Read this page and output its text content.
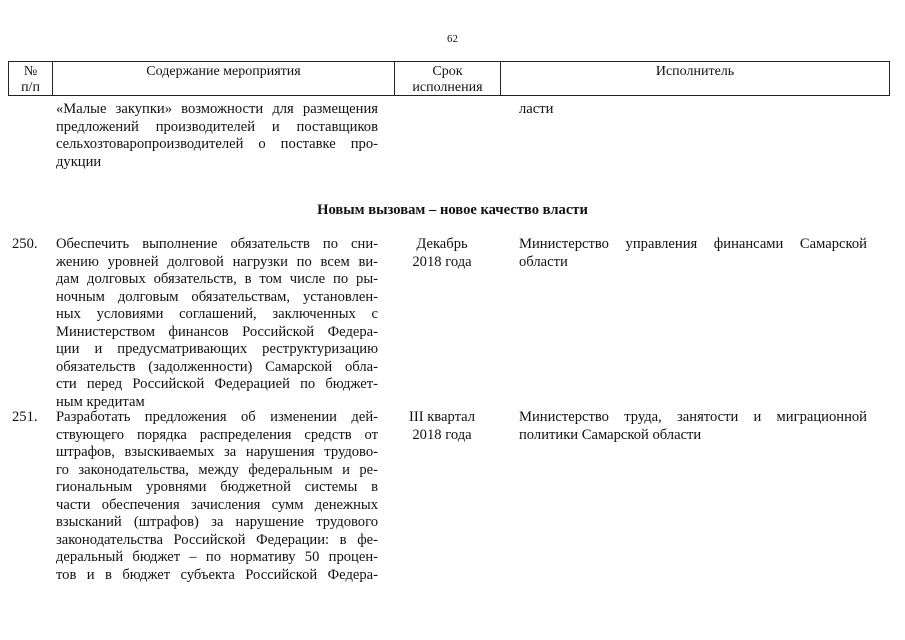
62
№
п/п
Содержание мероприятия	Срок
исполнения
Исполнитель
«Малые закупки» возможности для размещения
предложений производителей и поставщиков
сельхозтоваропроизводителей о поставке про-
дукции
ласти
Новым вызовам – новое качество власти
250. Обеспечить выполнение обязательств по сни-
жению уровней долговой нагрузки по всем ви-
дам долговых обязательств, в том числе по ры-
ночным долговым обязательствам, установлен-
ных условиями соглашений, заключенных с
Министерством финансов Российской Федера-
ции и предусматривающих реструктуризацию
обязательств (задолженности) Самарской обла-
сти перед Российской Федерацией по бюджет-
ным кредитам
Декабрь
2018 года
Министерство управления финансами Самарской
области
251. Разработать предложения об изменении дей-
ствующего порядка распределения средств от
штрафов, взыскиваемых за нарушения трудово-
го законодательства, между федеральным и ре-
гиональным уровнями бюджетной системы в
части обеспечения зачисления сумм денежных
взысканий (штрафов) за нарушение трудового
законодательства Российской Федерации: в фе-
деральный бюджет – по нормативу 50 процен-
тов и в бюджет субъекта Российской Федера-
III квартал
2018 года
Министерство труда, занятости и миграционной
политики Самарской области
